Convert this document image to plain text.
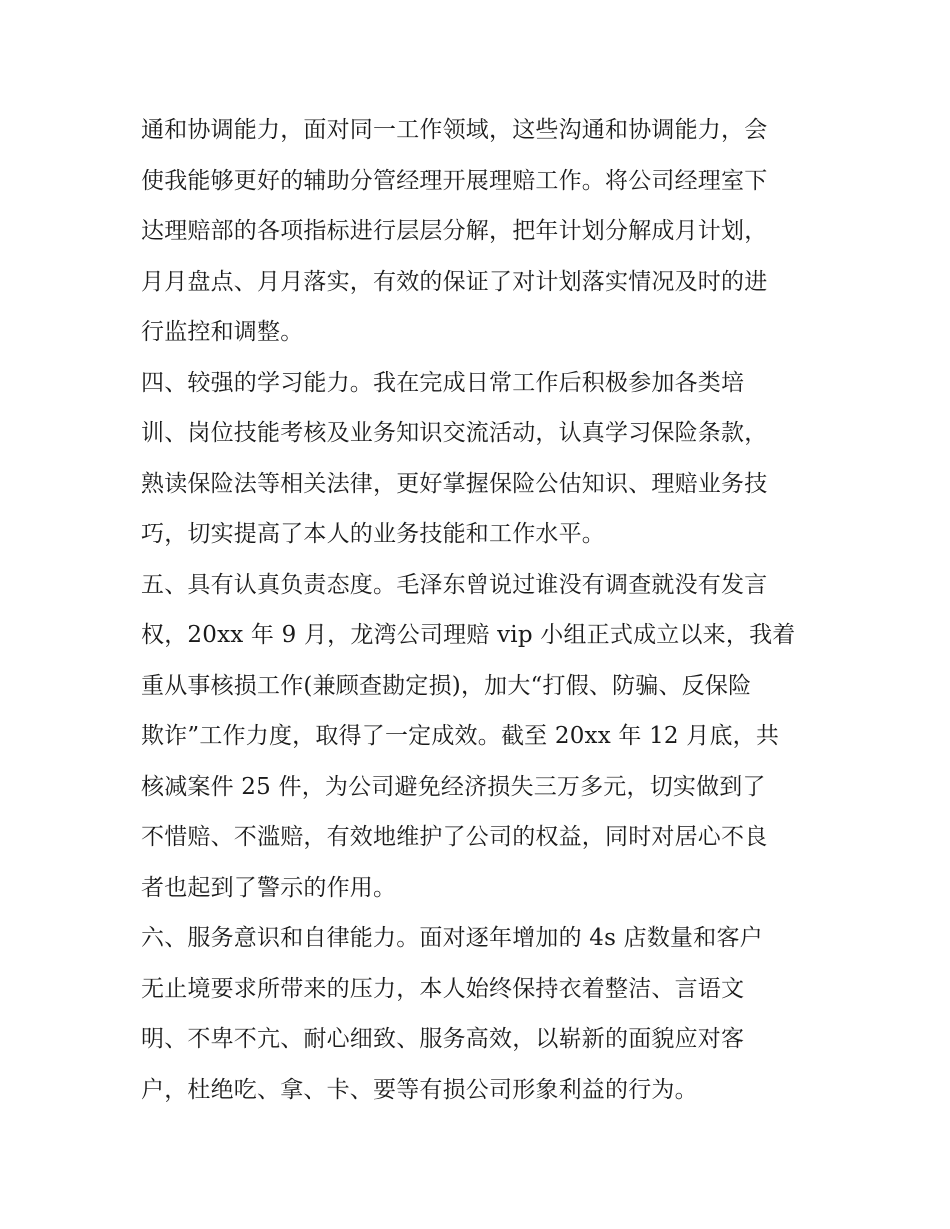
通和协调能力，面对同一工作领域，这些沟通和协调能力，会
使我能够更好的辅助分管经理开展理赔工作。将公司经理室下
达理赔部的各项指标进行层层分解，把年计划分解成月计划，
月月盘点、月月落实，有效的保证了对计划落实情况及时的进
行监控和调整。
四、较强的学习能力。我在完成日常工作后积极参加各类培
训、岗位技能考核及业务知识交流活动，认真学习保险条款，
熟读保险法等相关法律，更好掌握保险公估知识、理赔业务技
巧，切实提高了本人的业务技能和工作水平。
五、具有认真负责态度。毛泽东曾说过谁没有调查就没有发言
权，20xx 年 9 月，龙湾公司理赔 vip 小组正式成立以来，我着
重从事核损工作(兼顾查勘定损)，加大“打假、防骗、反保险
欺诈”工作力度，取得了一定成效。截至 20xx 年 12 月底，共
核减案件 25 件，为公司避免经济损失三万多元，切实做到了
不惜赔、不滥赔，有效地维护了公司的权益，同时对居心不良
者也起到了警示的作用。
六、服务意识和自律能力。面对逐年增加的 4s 店数量和客户
无止境要求所带来的压力，本人始终保持衣着整洁、言语文
明、不卑不亢、耐心细致、服务高效，以崭新的面貌应对客
户，杜绝吃、拿、卡、要等有损公司形象利益的行为。
